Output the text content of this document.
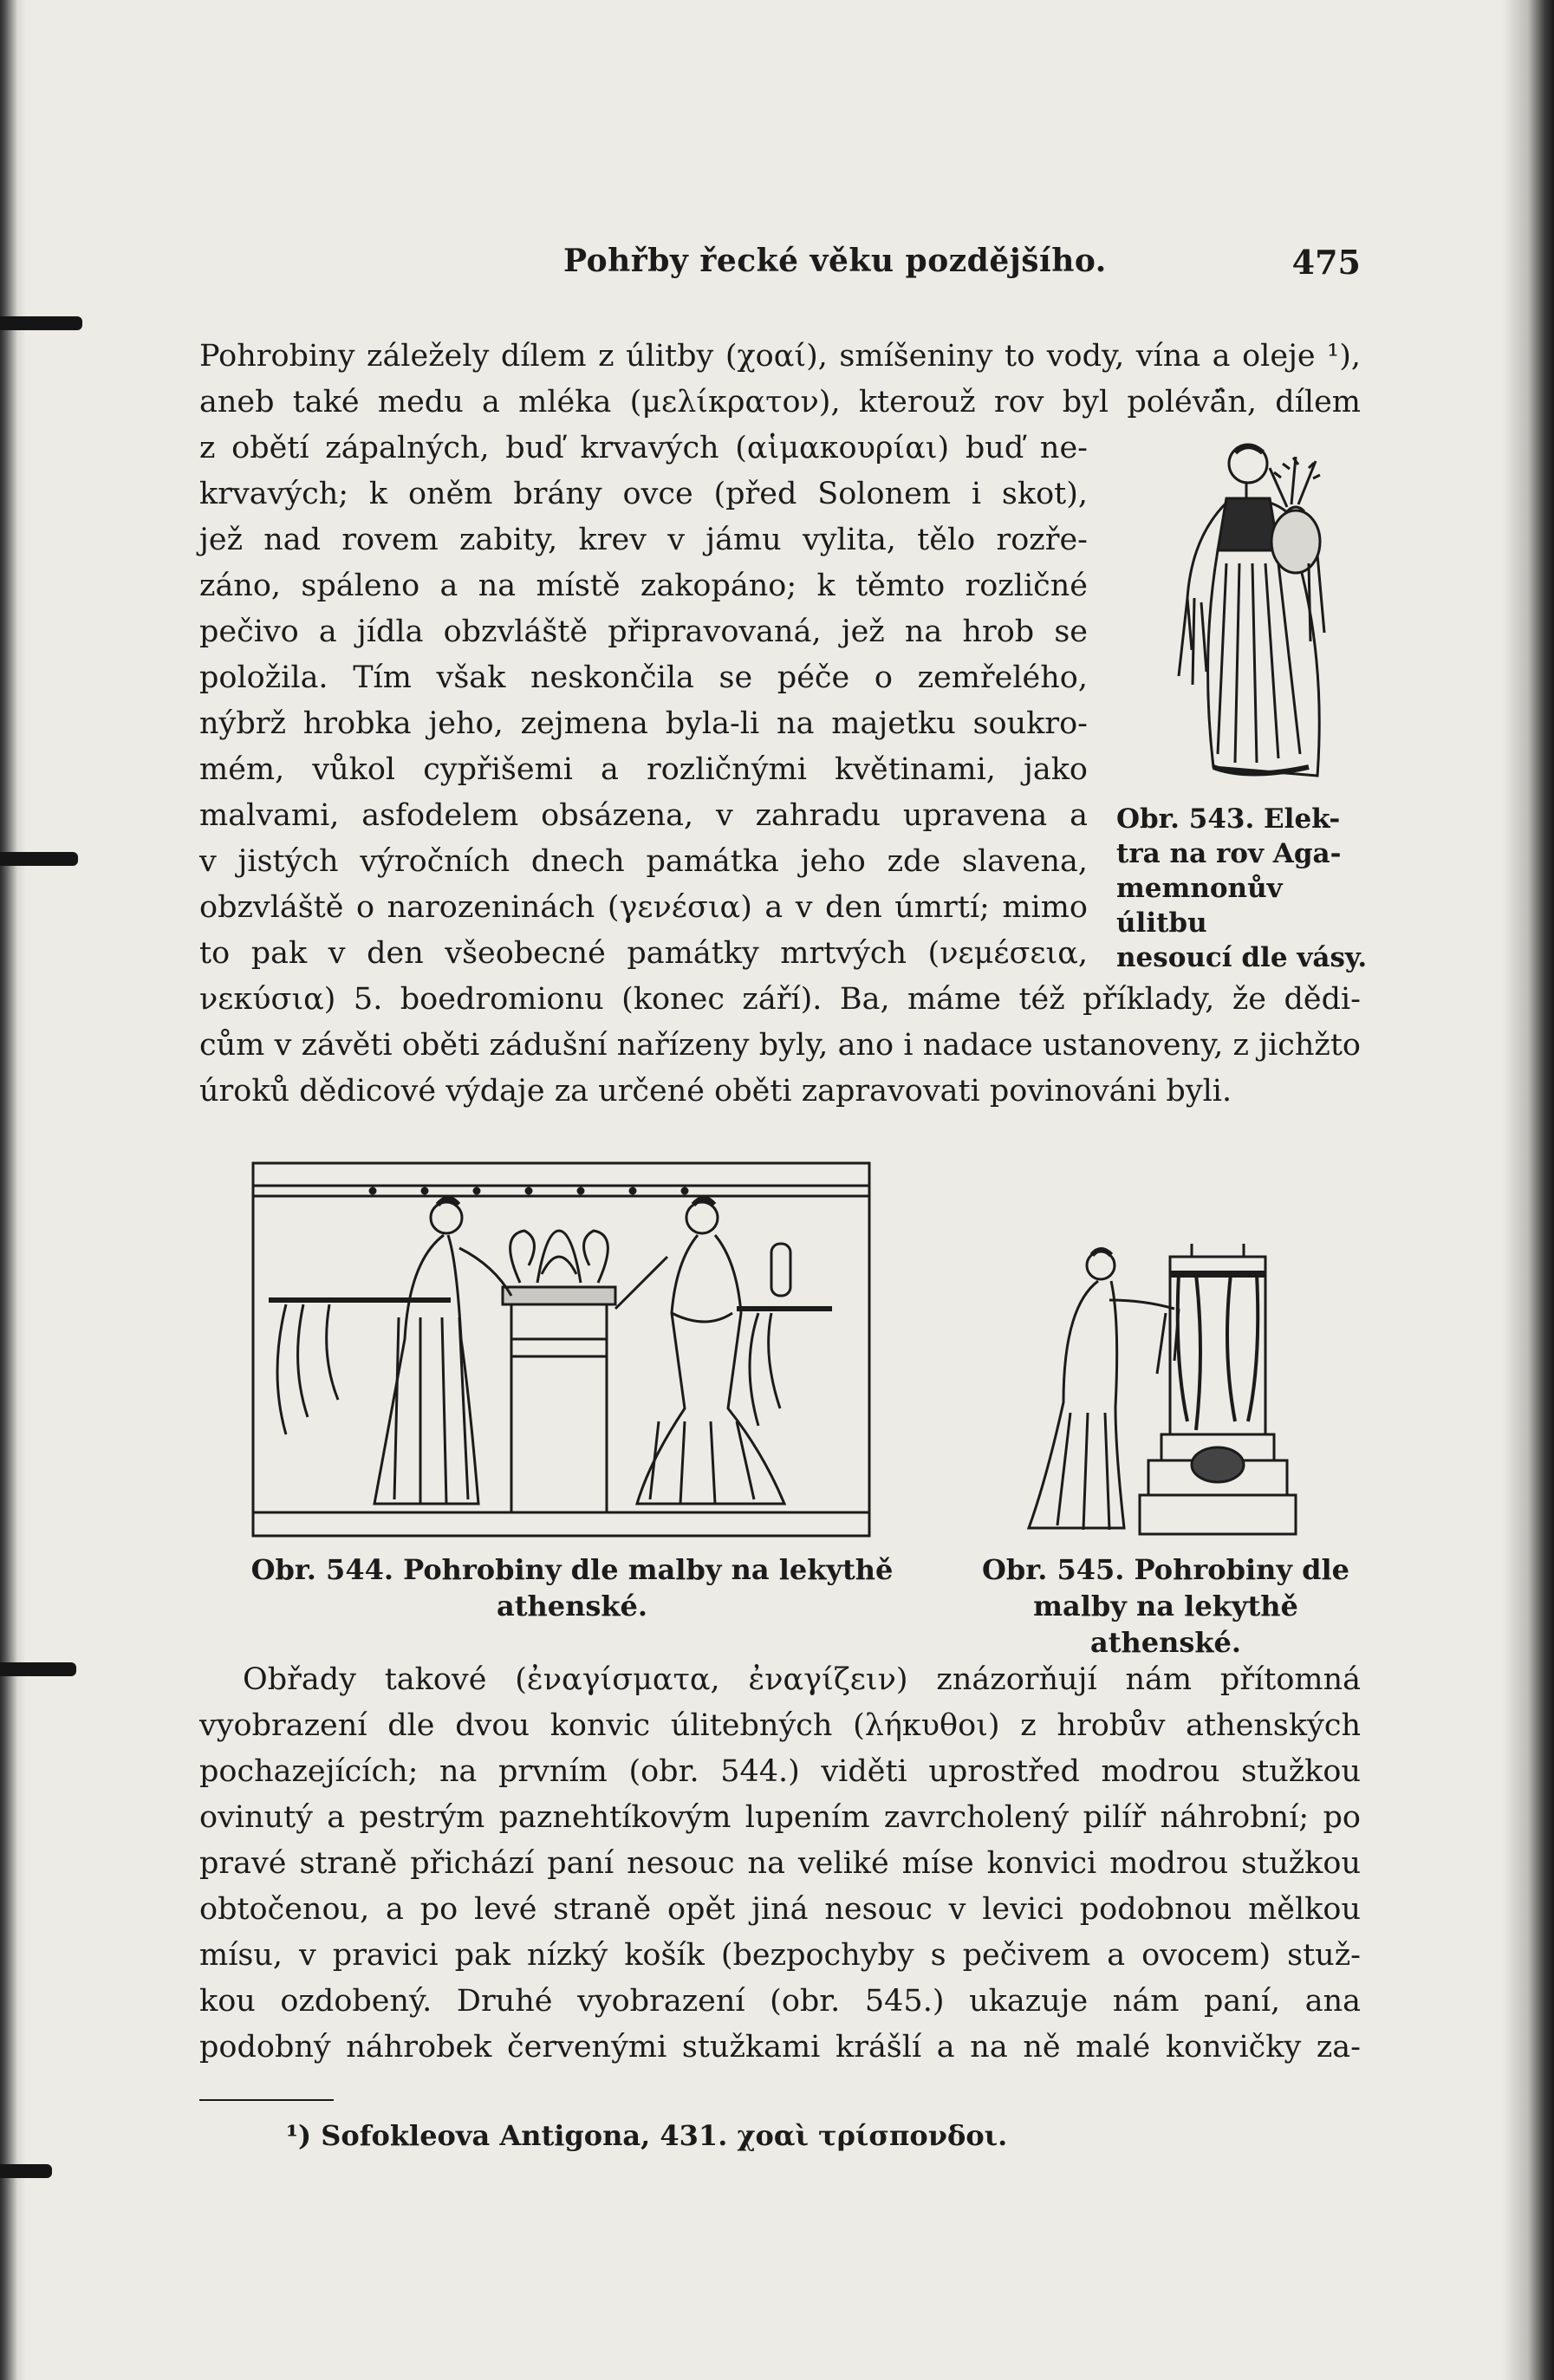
Pohřby řecké věku pozdějšího.	475
Pohrobiny záležely dílem z úlitby (χοαί), smíšeniny to vody, vína a oleje ¹),
aneb také medu a mléka (μελίκρατον), kterouž rov byl polévá̈n, dílem
z obětí zápalných, buď krvavých (αἱμακουρίαι) buď ne-
krvavých; k oněm brány ovce (před Solonem i skot),
jež nad rovem zabity, krev v jámu vylita, tělo rozře-
záno, spáleno a na místě zakopáno; k těmto rozličné
pečivo a jídla obzvláště připravovaná, jež na hrob se
položila. Tím však neskončila se péče o zemřelého,
nýbrž hrobka jeho, zejmena byla-li na majetku soukro-
mém, vůkol cypřišemi a rozličnými květinami, jako
malvami, asfodelem obsázena, v zahradu upravena a
v jistých výročních dnech památka jeho zde slavena,
obzvláště o narozeninách (γενέσια) a v den úmrtí; mimo
to pak v den všeobecné památky mrtvých (νεμέσεια,
νεκύσια) 5. boedromionu (konec září). Ba, máme též příklady, že dědi-
cům v závěti oběti zádušní nařízeny byly, ano i nadace ustanoveny, z jichžto
úroků dědicové výdaje za určené oběti zapravovati povinováni byli.
Obr. 543. Elek-
tra na rov Aga-
memnonův úlitbu
nesoucí dle vásy.
Obr. 544. Pohrobiny dle malby na lekythě
athenské.
Obr. 545. Pohrobiny dle
malby na lekythě athenské.
Obřady takové (ἐναγίσματα, ἐναγίζειν) znázorňují nám přítomná
vyobrazení dle dvou konvic úlitebných (λήκυθοι) z hrobův athenských
pochazejících; na prvním (obr. 544.) viděti uprostřed modrou stužkou
ovinutý a pestrým paznehtíkovým lupením zavrcholený pilíř náhrobní; po
pravé straně přichází paní nesouc na veliké míse konvici modrou stužkou
obtočenou, a po levé straně opět jiná nesouc v levici podobnou mělkou
mísu, v pravici pak nízký košík (bezpochyby s pečivem a ovocem) stuž-
kou ozdobený. Druhé vyobrazení (obr. 545.) ukazuje nám paní, ana
podobný náhrobek červenými stužkami krášlí a na ně malé konvičky za-
¹) Sofokleova Antigona, 431. χοαὶ τρίσπονδοι.
